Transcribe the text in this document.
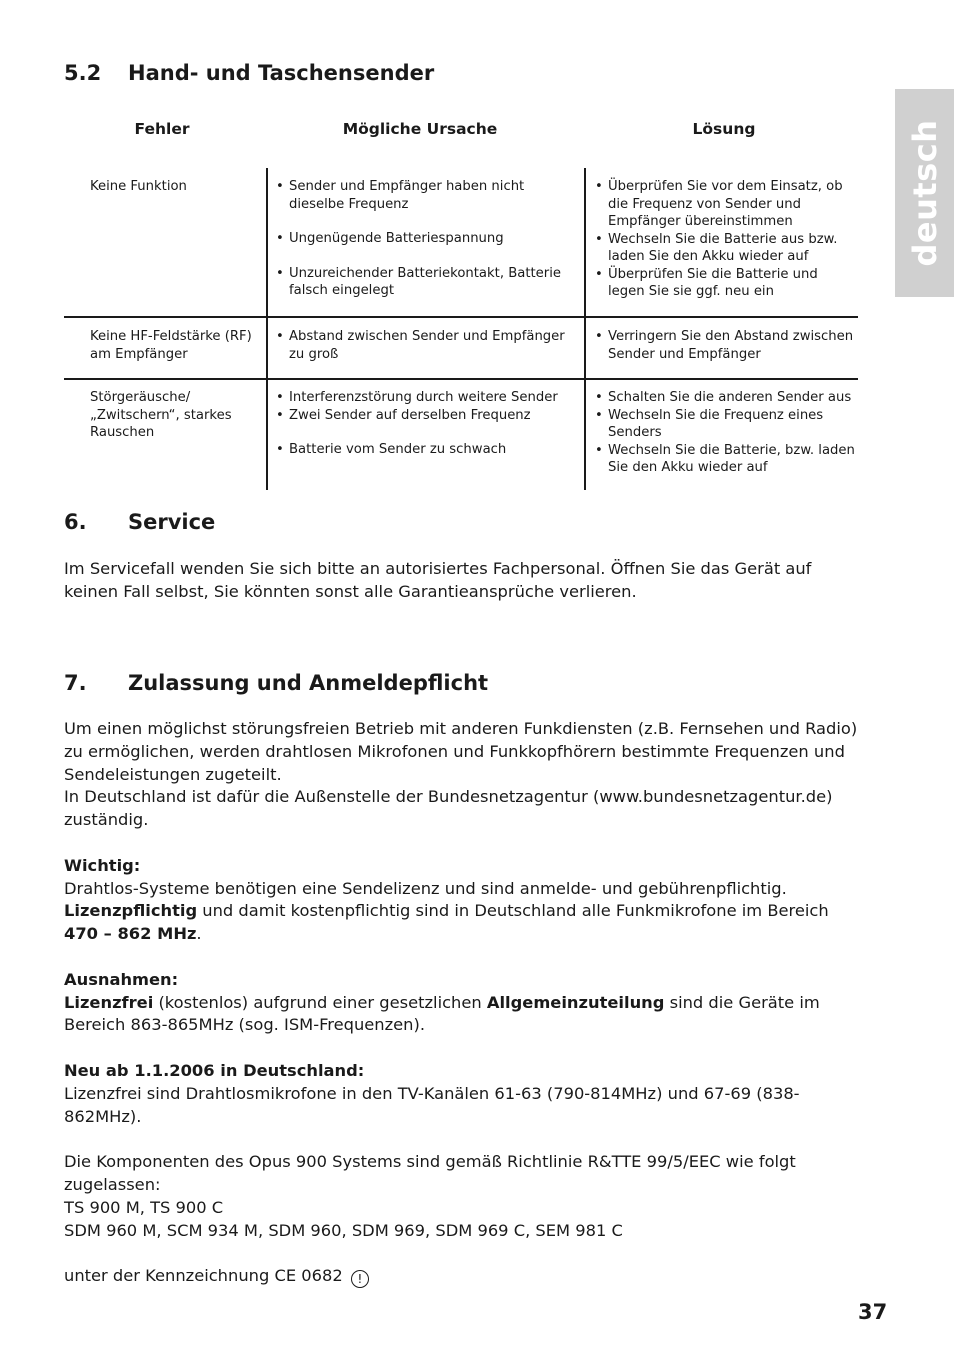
deutsch
5.2 Hand- und Taschensender
Fehler	Mögliche Ursache	Lösung

Keine Funktion

•	Sender und Empfänger haben nicht dieselbe Frequenz
• Ungenügende Batteriespannung
• Unzureichender Batteriekontakt, Batterie falsch eingelegt
• Überprüfen Sie vor dem Einsatz, ob die Frequenz von Sender und Empfänger übereinstimmen
• Wechseln Sie die Batterie aus bzw. laden Sie den Akku wieder auf
• Überprüfen Sie die Batterie und legen Sie sie ggf. neu ein

Keine HF-Feldstärke (RF)

am Empfänger

• Abstand zwischen Sender und Empfänger zu groß
• Verringern Sie den Abstand zwischen Sender und Empfänger

Störgeräusche/

„Zwitschern“, starkes

Rauschen

• Interferenzstörung durch weitere Sender
• Zwei Sender auf derselben Frequenz
• Batterie vom Sender zu schwach
• Schalten Sie die anderen Sender aus
• Wechseln Sie die Frequenz eines Senders
• Wechseln Sie die Batterie, bzw. laden Sie den Akku wieder auf
6. Service

Im Servicefall wenden Sie sich bitte an autorisiertes Fachpersonal. Öffnen Sie das Gerät auf keinen Fall selbst, Sie könnten sonst alle Garantieansprüche verlieren.

7. Zulassung und Anmeldepflicht

Um einen möglichst störungsfreien Betrieb mit anderen Funkdiensten (z.B. Fernsehen und Radio) zu ermöglichen, werden drahtlosen Mikrofonen und Funkkopfhörern bestimmte Frequenzen und Sendeleistungen zugeteilt.

In Deutschland ist dafür die Außenstelle der Bundesnetzagentur (www.bundesnetzagentur.de) zuständig.

Wichtig:

Drahtlos-Systeme benötigen eine Sendelizenz und sind anmelde- und gebührenpflichtig.

Lizenzpflichtig und damit kostenpflichtig sind in Deutschland alle Funkmikrofone im Bereich

470 – 862 MHz.

Ausnahmen:

Lizenzfrei (kostenlos) aufgrund einer gesetzlichen Allgemeinzuteilung sind die Geräte im Bereich 863-865MHz (sog. ISM-Frequenzen).

Neu ab 1.1.2006 in Deutschland:

Lizenzfrei sind Drahtlosmikrofone in den TV-Kanälen 61-63 (790-814MHz) und 67-69 (838-862MHz).

Die Komponenten des Opus 900 Systems sind gemäß Richtlinie R&TTE 99/5/EEC wie folgt zugelassen:

TS 900 M, TS 900 C

SDM 960 M, SCM 934 M, SDM 960, SDM 969, SDM 969 C, SEM 981 C

unter der Kennzeichnung CE 0682 !

37
